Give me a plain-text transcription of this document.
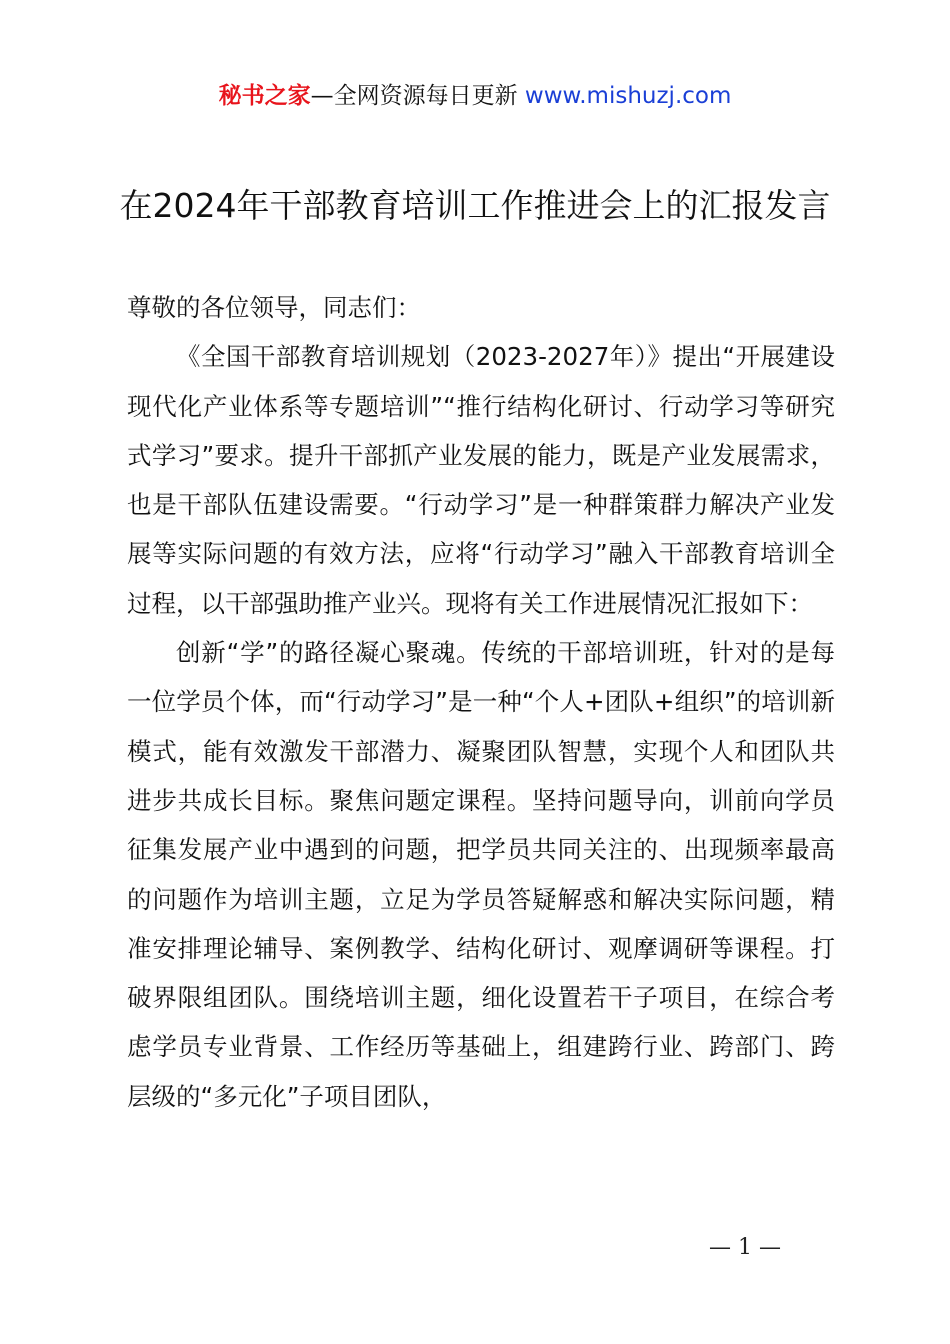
秘书之家—全网资源每日更新 www.mishuzj.com
在2024年干部教育培训工作推进会上的汇报发言

尊敬的各位领导，同志们：

《全国干部教育培训规划（2023-2027年）》提出“开展建设现代化产业体系等专题培训”“推行结构化研讨、行动学习等研究式学习”要求。提升干部抓产业发展的能力，既是产业发展需求，也是干部队伍建设需要。“行动学习”是一种群策群力解决产业发展等实际问题的有效方法，应将“行动学习”融入干部教育培训全过程，以干部强助推产业兴。现将有关工作进展情况汇报如下：

创新“学”的路径凝心聚魂。传统的干部培训班，针对的是每一位学员个体，而“行动学习”是一种“个人+团队+组织”的培训新模式，能有效激发干部潜力、凝聚团队智慧，实现个人和团队共进步共成长目标。聚焦问题定课程。坚持问题导向，训前向学员征集发展产业中遇到的问题，把学员共同关注的、出现频率最高的问题作为培训主题，立足为学员答疑解惑和解决实际问题，精准安排理论辅导、案例教学、结构化研讨、观摩调研等课程。打破界限组团队。围绕培训主题，细化设置若干子项目，在综合考虑学员专业背景、工作经历等基础上，组建跨行业、跨部门、跨层级的“多元化”子项目团队，

— 1 —
